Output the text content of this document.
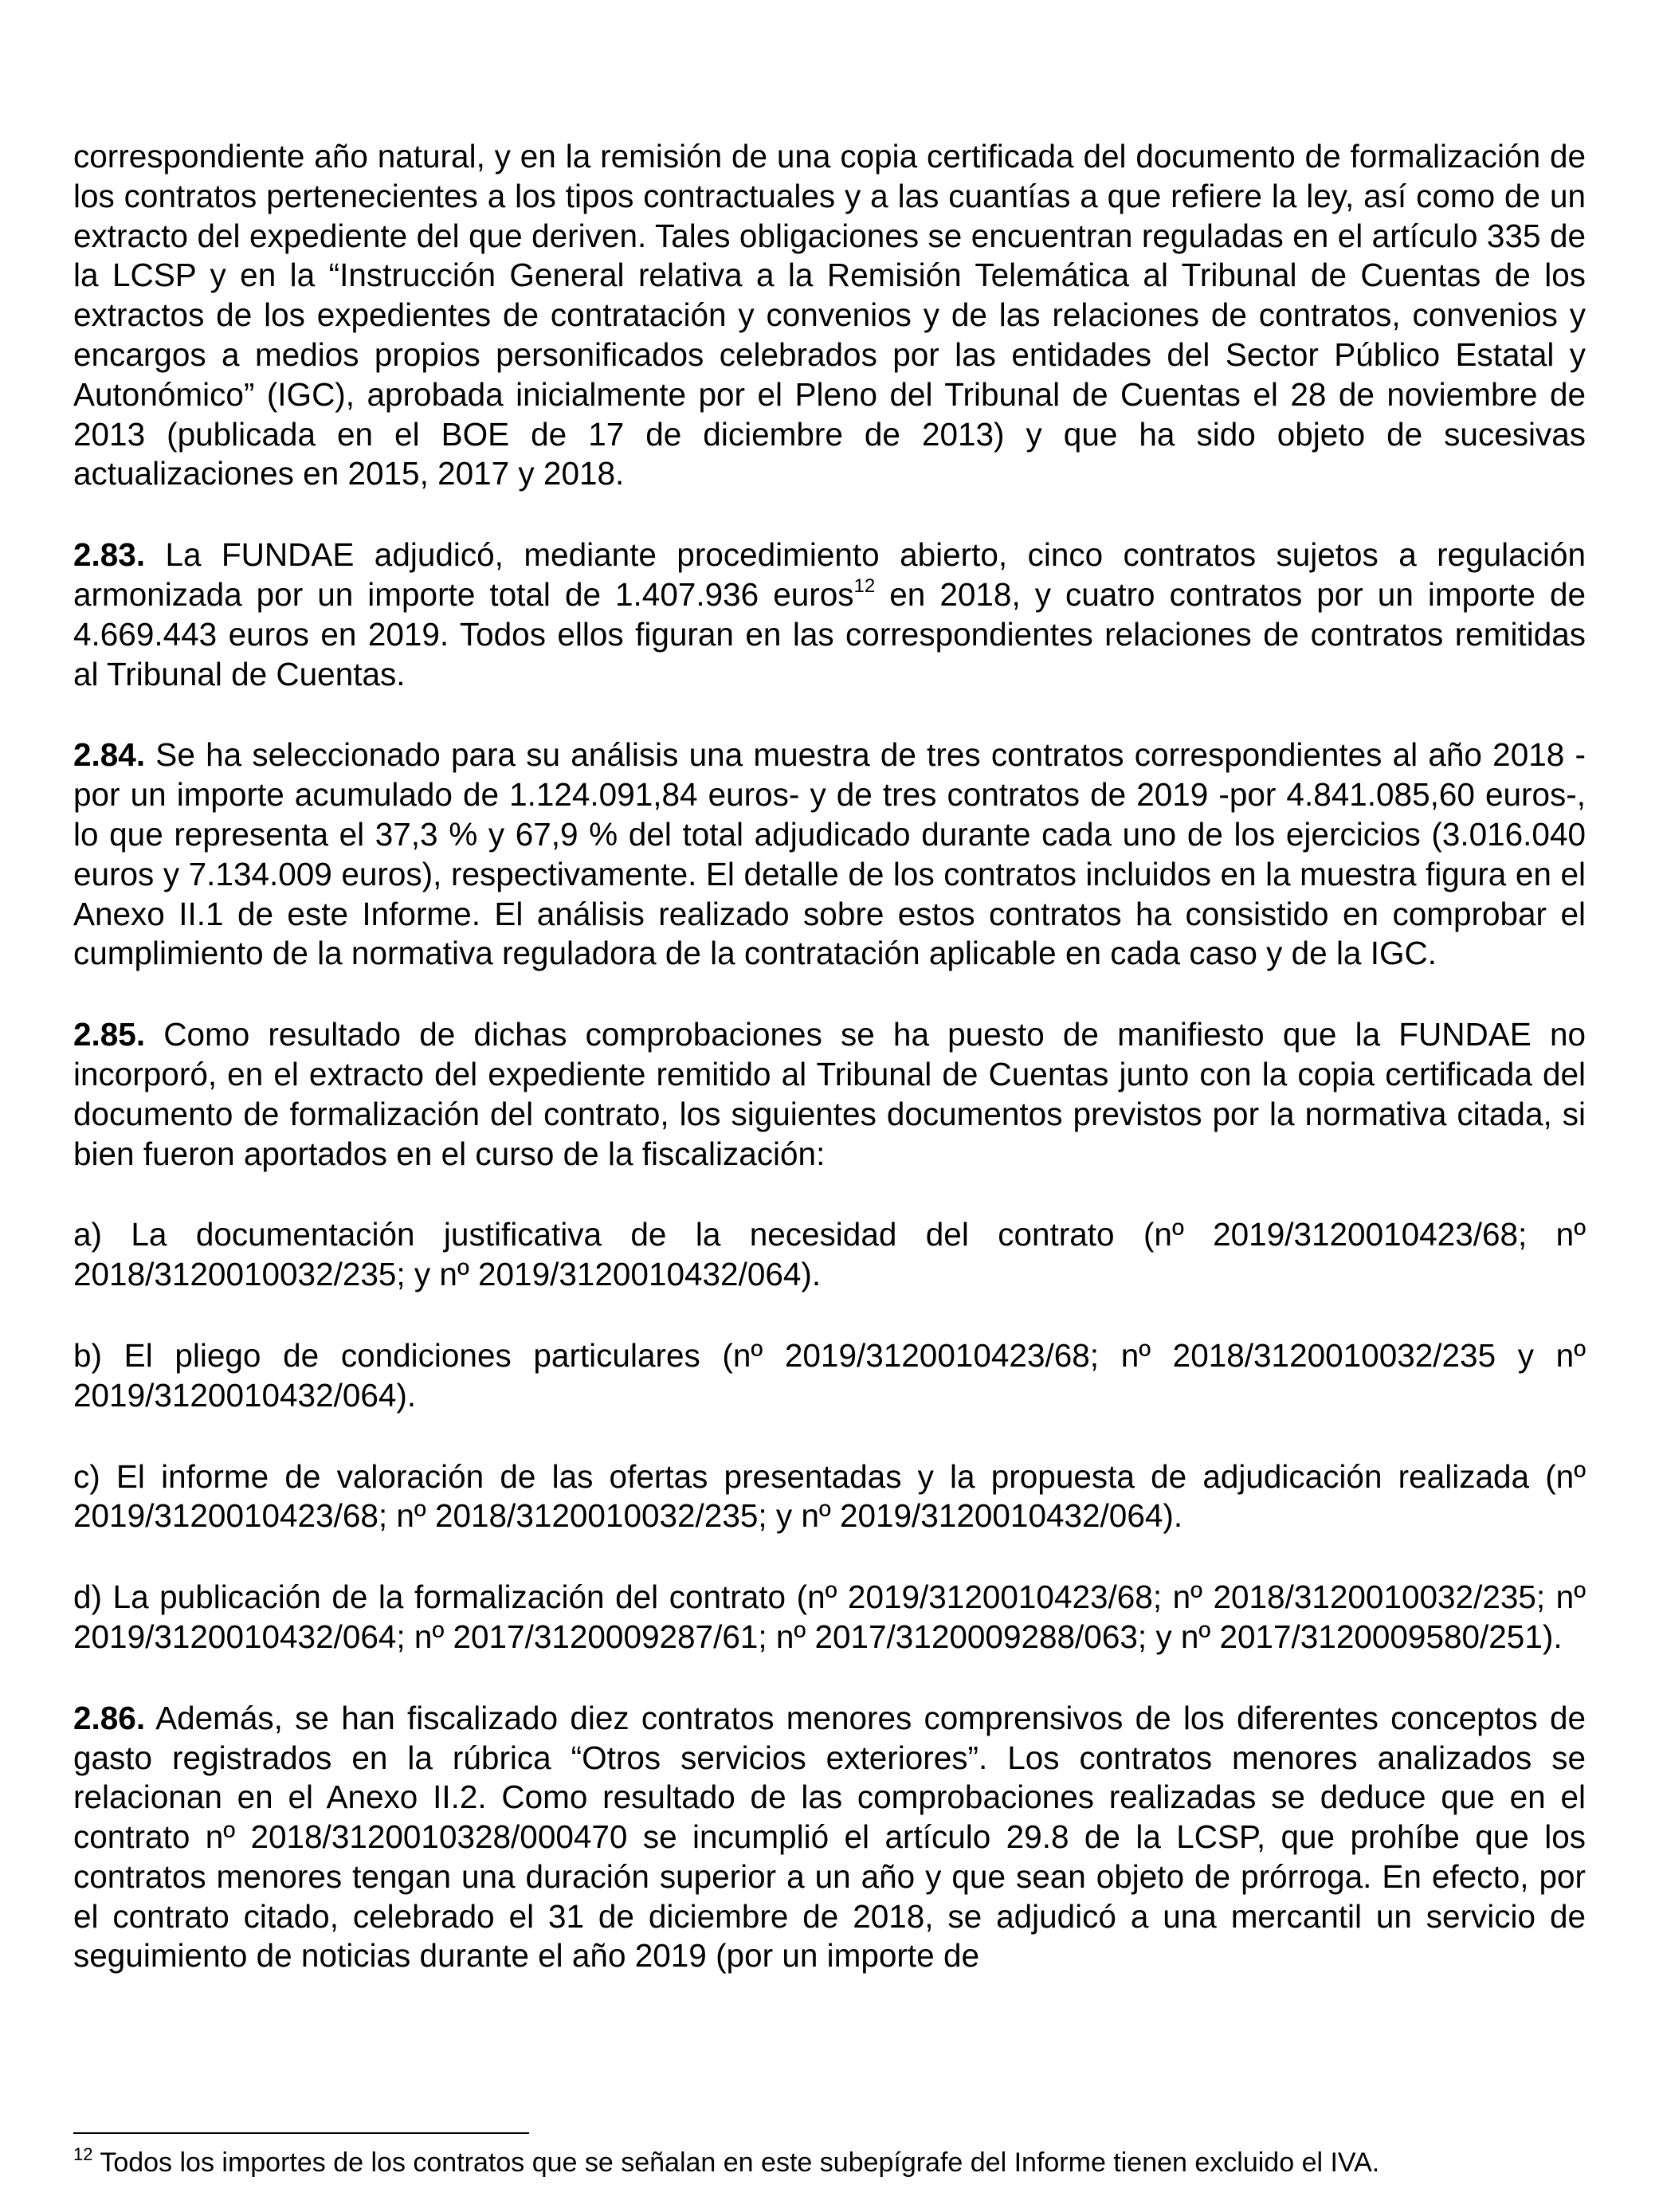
correspondiente año natural, y en la remisión de una copia certificada del documento de formalización de los contratos pertenecientes a los tipos contractuales y a las cuantías a que refiere la ley, así como de un extracto del expediente del que deriven. Tales obligaciones se encuentran reguladas en el artículo 335 de la LCSP y en la “Instrucción General relativa a la Remisión Telemática al Tribunal de Cuentas de los extractos de los expedientes de contratación y convenios y de las relaciones de contratos, convenios y encargos a medios propios personificados celebrados por las entidades del Sector Público Estatal y Autonómico” (IGC), aprobada inicialmente por el Pleno del Tribunal de Cuentas el 28 de noviembre de 2013 (publicada en el BOE de 17 de diciembre de 2013) y que ha sido objeto de sucesivas actualizaciones en 2015, 2017 y 2018.

2.83. La FUNDAE adjudicó, mediante procedimiento abierto, cinco contratos sujetos a regulación armonizada por un importe total de 1.407.936 euros$^{12}$ en 2018, y cuatro contratos por un importe de 4.669.443 euros en 2019. Todos ellos figuran en las correspondientes relaciones de contratos remitidas al Tribunal de Cuentas.

2.84. Se ha seleccionado para su análisis una muestra de tres contratos correspondientes al año 2018 -por un importe acumulado de 1.124.091,84 euros- y de tres contratos de 2019 -por 4.841.085,60 euros-, lo que representa el 37,3 % y 67,9 % del total adjudicado durante cada uno de los ejercicios (3.016.040 euros y 7.134.009 euros), respectivamente. El detalle de los contratos incluidos en la muestra figura en el Anexo II.1 de este Informe. El análisis realizado sobre estos contratos ha consistido en comprobar el cumplimiento de la normativa reguladora de la contratación aplicable en cada caso y de la IGC.

2.85. Como resultado de dichas comprobaciones se ha puesto de manifiesto que la FUNDAE no incorporó, en el extracto del expediente remitido al Tribunal de Cuentas junto con la copia certificada del documento de formalización del contrato, los siguientes documentos previstos por la normativa citada, si bien fueron aportados en el curso de la fiscalización:

a) La documentación justificativa de la necesidad del contrato (nº 2019/3120010423/68; nº 2018/3120010032/235; y nº 2019/3120010432/064).

b) El pliego de condiciones particulares (nº 2019/3120010423/68; nº 2018/3120010032/235 y nº 2019/3120010432/064).

c) El informe de valoración de las ofertas presentadas y la propuesta de adjudicación realizada (nº 2019/3120010423/68; nº 2018/3120010032/235; y nº 2019/3120010432/064).

d) La publicación de la formalización del contrato (nº 2019/3120010423/68; nº 2018/3120010032/235; nº 2019/3120010432/064; nº 2017/3120009287/61; nº 2017/3120009288/063; y nº 2017/3120009580/251).

2.86. Además, se han fiscalizado diez contratos menores comprensivos de los diferentes conceptos de gasto registrados en la rúbrica “Otros servicios exteriores”. Los contratos menores analizados se relacionan en el Anexo II.2. Como resultado de las comprobaciones realizadas se deduce que en el contrato nº 2018/3120010328/000470 se incumplió el artículo 29.8 de la LCSP, que prohíbe que los contratos menores tengan una duración superior a un año y que sean objeto de prórroga. En efecto, por el contrato citado, celebrado el 31 de diciembre de 2018, se adjudicó a una mercantil un servicio de seguimiento de noticias durante el año 2019 (por un importe de

$^{12}$ Todos los importes de los contratos que se señalan en este subepígrafe del Informe tienen excluido el IVA.
